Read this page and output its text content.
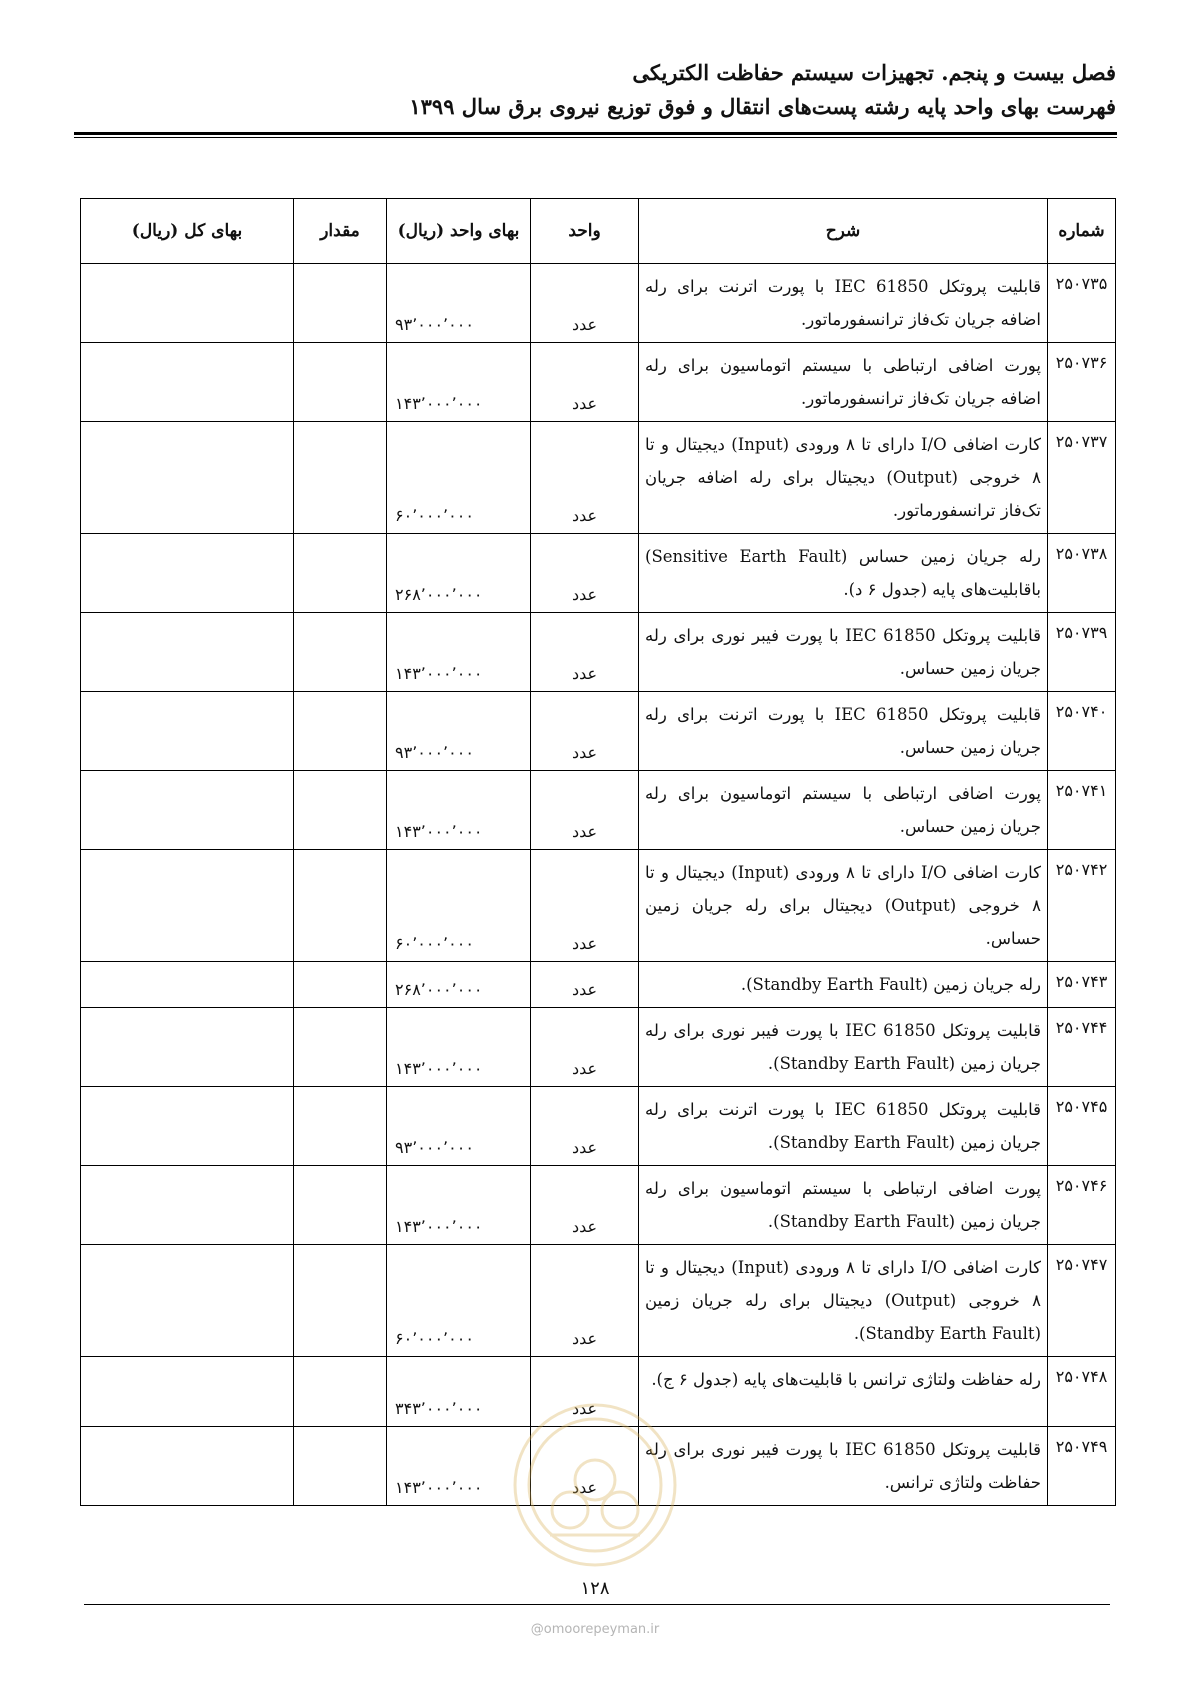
فصل بیست و پنجم. تجهیزات سیستم حفاظت الکتریکی
فهرست بهای واحد پایه رشته پست‌های انتقال و فوق توزیع نیروی برق سال ۱۳۹۹
شماره	شرح	واحد	بهای واحد (ریال)	مقدار	بهای کل (ریال)
۲۵۰۷۳۵	قابلیت پروتکل IEC 61850 با پورت اترنت برای رله اضافه جریان تک‌فاز ترانسفورماتور.	عدد	۹۳٬۰۰۰٬۰۰۰		
۲۵۰۷۳۶	پورت اضافی ارتباطی با سیستم اتوماسیون برای رله اضافه جریان تک‌فاز ترانسفورماتور.	عدد	۱۴۳٬۰۰۰٬۰۰۰		
۲۵۰۷۳۷	کارت اضافی I/O دارای تا ۸ ورودی (Input) دیجیتال و تا ۸ خروجی (Output) دیجیتال برای رله اضافه جریان تک‌فاز ترانسفورماتور.	عدد	۶۰٬۰۰۰٬۰۰۰		
۲۵۰۷۳۸	رله جریان زمین حساس (Sensitive Earth Fault) باقابلیت‌های پایه (جدول ۶ د).	عدد	۲۶۸٬۰۰۰٬۰۰۰		
۲۵۰۷۳۹	قابلیت پروتکل IEC 61850 با پورت فیبر نوری برای رله جریان زمین حساس.	عدد	۱۴۳٬۰۰۰٬۰۰۰		
۲۵۰۷۴۰	قابلیت پروتکل IEC 61850 با پورت اترنت برای رله جریان زمین حساس.	عدد	۹۳٬۰۰۰٬۰۰۰		
۲۵۰۷۴۱	پورت اضافی ارتباطی با سیستم اتوماسیون برای رله جریان زمین حساس.	عدد	۱۴۳٬۰۰۰٬۰۰۰		
۲۵۰۷۴۲	کارت اضافی I/O دارای تا ۸ ورودی (Input) دیجیتال و تا ۸ خروجی (Output) دیجیتال برای رله جریان زمین حساس.	عدد	۶۰٬۰۰۰٬۰۰۰		
۲۵۰۷۴۳	رله جریان زمین (Standby Earth Fault).	عدد	۲۶۸٬۰۰۰٬۰۰۰		
۲۵۰۷۴۴	قابلیت پروتکل IEC 61850 با پورت فیبر نوری برای رله جریان زمین (Standby Earth Fault).	عدد	۱۴۳٬۰۰۰٬۰۰۰		
۲۵۰۷۴۵	قابلیت پروتکل IEC 61850 با پورت اترنت برای رله جریان زمین (Standby Earth Fault).	عدد	۹۳٬۰۰۰٬۰۰۰		
۲۵۰۷۴۶	پورت اضافی ارتباطی با سیستم اتوماسیون برای رله جریان زمین (Standby Earth Fault).	عدد	۱۴۳٬۰۰۰٬۰۰۰		
۲۵۰۷۴۷	کارت اضافی I/O دارای تا ۸ ورودی (Input) دیجیتال و تا ۸ خروجی (Output) دیجیتال برای رله جریان زمین (Standby Earth Fault).	عدد	۶۰٬۰۰۰٬۰۰۰		
۲۵۰۷۴۸	رله حفاظت ولتاژی ترانس با قابلیت‌های پایه (جدول ۶ ج).	عدد	۳۴۳٬۰۰۰٬۰۰۰		
۲۵۰۷۴۹	قابلیت پروتکل IEC 61850 با پورت فیبر نوری برای رله حفاظت ولتاژی ترانس.	عدد	۱۴۳٬۰۰۰٬۰۰۰		
۱۲۸
@omoorepeyman.ir
